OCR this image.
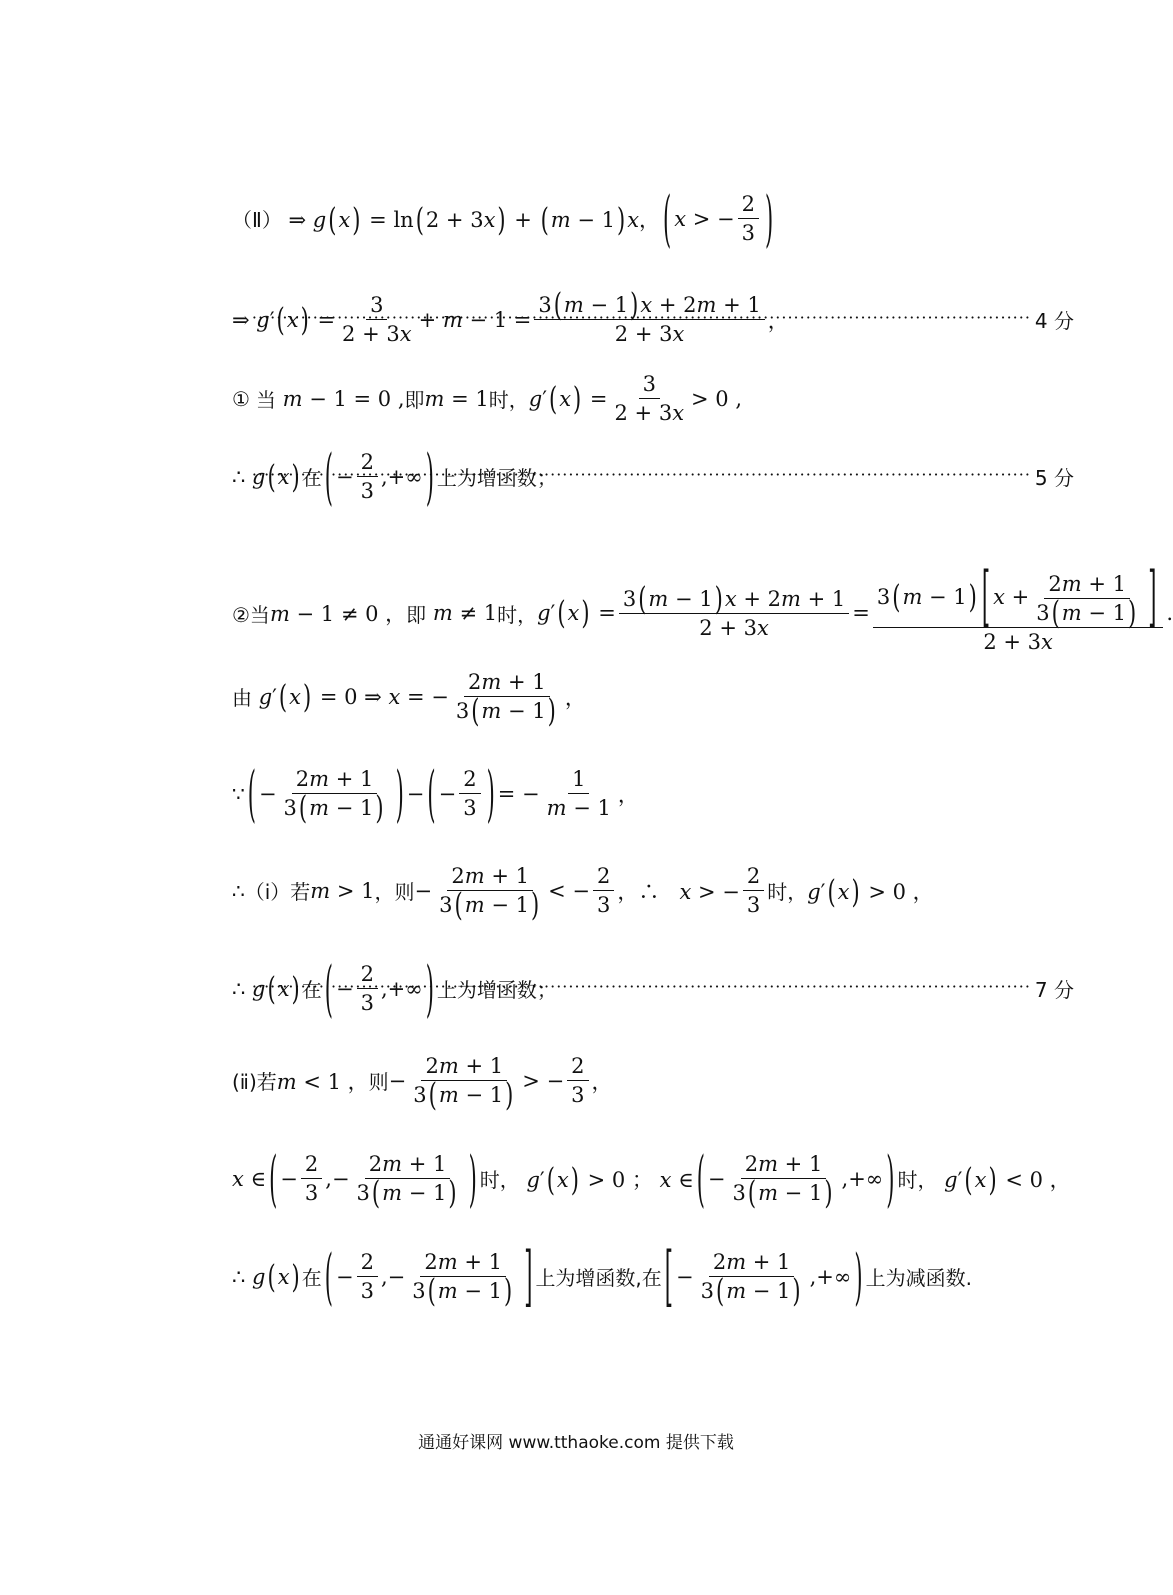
（Ⅱ） ⇒ g(x) = ln(2 + 3x) + (m − 1)x， ( x > − $\frac{2}{3}$ )
⇒ $g'(x) = \frac{3}{2 + 3x} + m - 1 = \frac{3(m - 1)x + 2m + 1}{2 + 3x}$ ， ·····	4 分
① 当 m − 1 = 0 , 即 m = 1 时， $g'(x) = \frac{3}{2 + 3x} > 0$ ,
∴ g(x) 在 ( − $\frac{2}{3}$ ,+∞ ) 上为增函数； ·····	5 分
②当 m − 1 ≠ 0 ， 即 m ≠ 1 时， $g'(x) = \frac{3(m - 1)x + 2m + 1}{2 + 3x} = \frac{3(m - 1) [ x + \frac{2m + 1}{3(m - 1)} ]}{2 + 3x}$ .
由 g′(x) = 0 ⇒ x = − $\frac{2m + 1}{3(m - 1)}$ ，
∵ ( − $\frac{2m + 1}{3(m - 1)}$ ) − ( − $\frac{2}{3}$ ) = − $\frac{1}{m - 1}$ ，
∴ （ⅰ）若 m > 1 ，则 − $\frac{2m + 1}{3(m - 1)}$ < − $\frac{2}{3}$ ，∴   x > − $\frac{2}{3}$ 时， g′(x) > 0 ，
∴ g(x) 在 ( − $\frac{2}{3}$ ,+∞ ) 上为增函数； ·····	7 分
(ⅱ)若 m < 1 ， 则 − $\frac{2m + 1}{3(m - 1)}$ > − $\frac{2}{3}$ ，
x ∈ ( − $\frac{2}{3}$ ,− $\frac{2m + 1}{3(m - 1)}$ ) 时， g′(x) > 0 ； x ∈ ( − $\frac{2m + 1}{3(m - 1)}$ ,+∞ ) 时， g′(x) < 0 ，
∴ g(x) 在 ( − $\frac{2}{3}$ ,− $\frac{2m + 1}{3(m - 1)}$ ] 上为增函数,在 [ − $\frac{2m + 1}{3(m - 1)}$ ,+∞ ) 上为减函数.
通通好课网 www.tthaoke.com 提供下载
